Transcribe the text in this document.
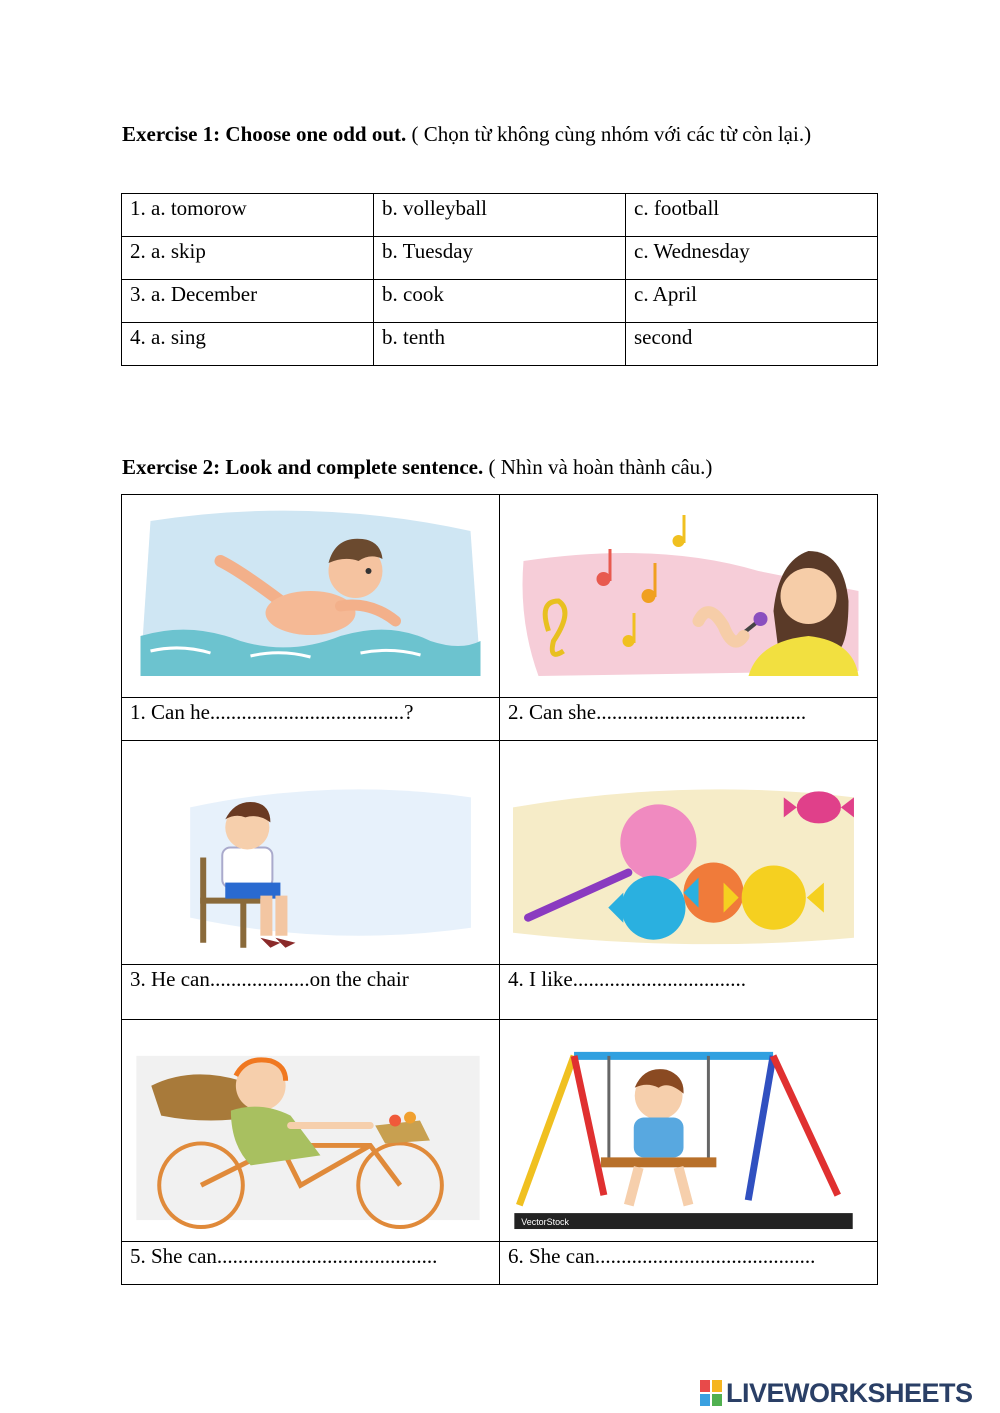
Exercise 1: Choose one odd out. ( Chọn từ không cùng nhóm với các từ còn lại.)
1. a. tomorow	b. volleyball	c. football
2. a. skip	b. Tuesday	c. Wednesday
3. a. December	b. cook	c. April
4. a. sing	b. tenth	second
Exercise 2: Look and complete sentence. ( Nhìn và hoàn thành câu.)

1. Can he.....................................?	2. Can she........................................

3. He can...................on the chair	4. I like.................................

VectorStock

5. She can..........................................	6. She can..........................................
LIVEWORKSHEETS
